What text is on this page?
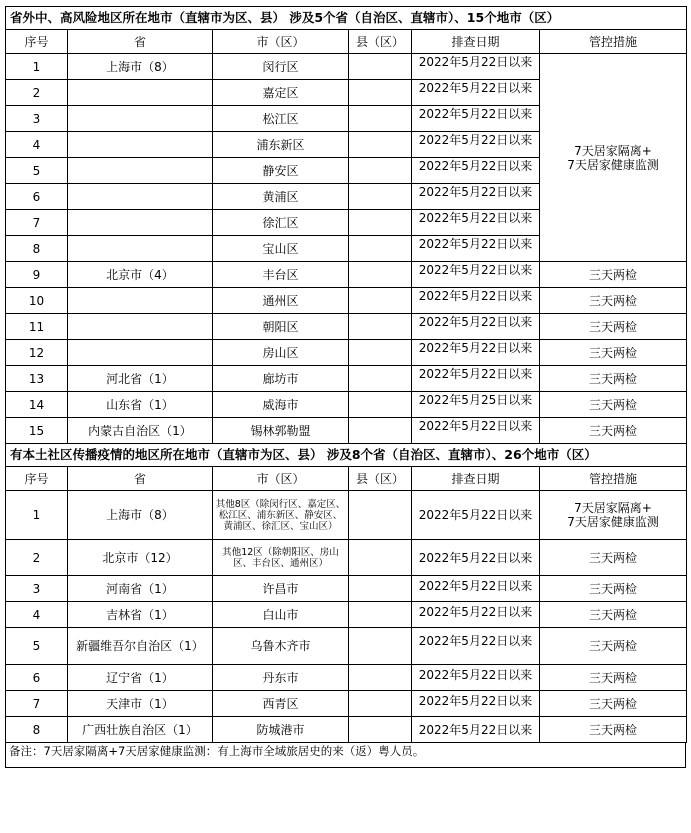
省外中、高风险地区所在地市（直辖市为区、县） 涉及5个省（自治区、直辖市）、15个地市（区）					
序号	省	市（区）	县（区）	排查日期	管控措施
1	上海市（8）	闵行区		2022年5月22日以来	7天居家隔离+
7天居家健康监测

2		嘉定区		2022年5月22日以来	
3		松江区		2022年5月22日以来	
4		浦东新区		2022年5月22日以来	
5		静安区		2022年5月22日以来	
6		黄浦区		2022年5月22日以来	
7		徐汇区		2022年5月22日以来	
8		宝山区		2022年5月22日以来	
9	北京市（4）	丰台区		2022年5月22日以来	三天两检
10		通州区		2022年5月22日以来	三天两检
11		朝阳区		2022年5月22日以来	三天两检
12		房山区		2022年5月22日以来	三天两检
13	河北省（1）	廊坊市		2022年5月22日以来	三天两检
14	山东省（1）	威海市		2022年5月25日以来	三天两检
15	内蒙古自治区（1）	锡林郭勒盟		2022年5月22日以来	三天两检
有本土社区传播疫情的地区所在地市（直辖市为区、县） 涉及8个省（自治区、直辖市）、26个地市（区）					
序号	省	市（区）	县（区）	排查日期	管控措施
1	上海市（8）	其他8区（除闵行区、嘉定区、松江区、浦东新区、静安区、黄浦区、徐汇区、宝山区）		2022年5月22日以来	7天居家隔离+
7天居家健康监测

2	北京市（12）	其他12区（除朝阳区、房山区、丰台区、通州区）		2022年5月22日以来	三天两检
3	河南省（1）	许昌市		2022年5月22日以来	三天两检
4	吉林省（1）	白山市		2022年5月22日以来	三天两检
5	新疆维吾尔自治区（1）	乌鲁木齐市		2022年5月22日以来	三天两检
6	辽宁省（1）	丹东市		2022年5月22日以来	三天两检
7	天津市（1）	西青区		2022年5月22日以来	三天两检
8	广西壮族自治区（1）	防城港市		2022年5月22日以来	三天两检
备注：7天居家隔离+7天居家健康监测：有上海市全域旅居史的来（返）粤人员。
